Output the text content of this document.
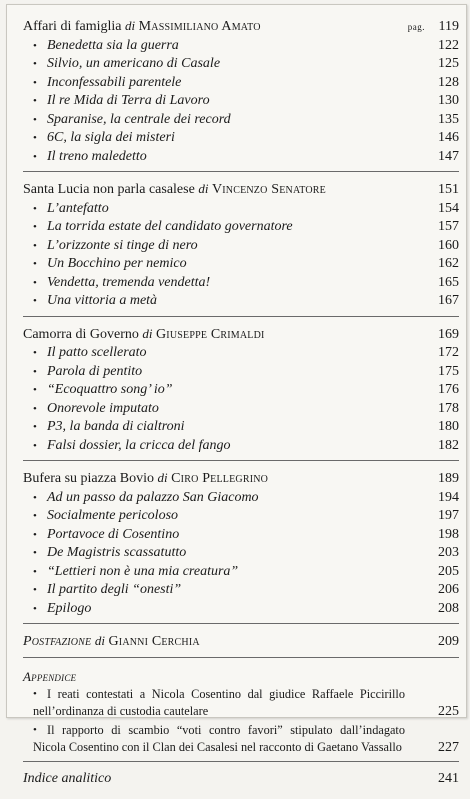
Affari di famiglia di Massimiliano Amato	pag. 119
• Benedetta sia la guerra	122
• Silvio, un americano di Casale	125
• Inconfessabili parentele	128
• Il re Mida di Terra di Lavoro	130
• Sparanise, la centrale dei record	135
• 6C, la sigla dei misteri	146
• Il treno maledetto	147
Santa Lucia non parla casalese di Vincenzo Senatore	151
• L’antefatto	154
• La torrida estate del candidato governatore	157
• L’orizzonte si tinge di nero	160
• Un Bocchino per nemico	162
• Vendetta, tremenda vendetta!	165
• Una vittoria a metà	167
Camorra di Governo di Giuseppe Crimaldi	169
• Il patto scellerato	172
• Parola di pentito	175
• “Ecoquattro song’ io”	176
• Onorevole imputato	178
• P3, la banda di cialtroni	180
• Falsi dossier, la cricca del fango	182
Bufera su piazza Bovio di Ciro Pellegrino	189
• Ad un passo da palazzo San Giacomo	194
• Socialmente pericoloso	197
• Portavoce di Cosentino	198
• De Magistris scassatutto	203
• “Lettieri non è una mia creatura”	205
• Il partito degli “onesti”	206
• Epilogo	208
Postfazione di Gianni Cerchia	209
Appendice
• I reati contestati a Nicola Cosentino dal giudice Raffaele Piccirillo nell’ordinanza di custodia cautelare	225
• Il rapporto di scambio “voti contro favori” stipulato dall’indagato Nicola Cosentino con il Clan dei Casalesi nel racconto di Gaetano Vassallo	227
Indice analitico	241
